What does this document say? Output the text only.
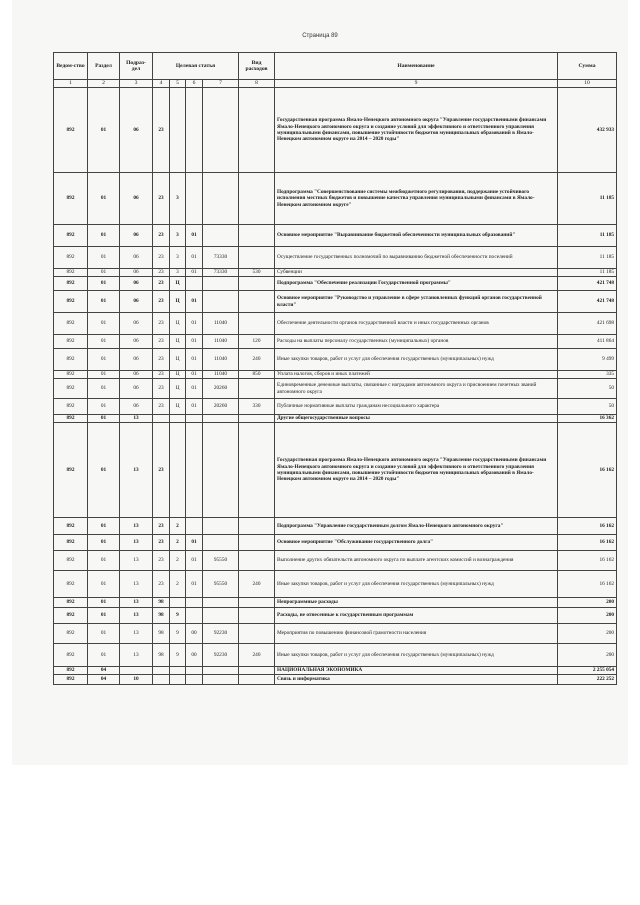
Страница 89
Ведом-ство	Раздел	Подраз-дел	Целевая статья				Вид расходов	Наименование	Сумма
1	2	3	4	5	6	7	8	9	10
892	01	06	23					Государственная программа Ямало-Ненецкого автономного округа "Управление государственными финансами Ямало-Ненецкого автономного округа и создание условий для эффективного и ответственного управления муниципальными финансами, повышение устойчивости бюджетов муниципальных образований в Ямало-Ненецком автономном округе на 2014 – 2020 годы"	432 933
892	01	06	23	3				Подпрограмма "Совершенствование системы межбюджетного регулирования, поддержание устойчивого исполнения местных бюджетов и повышение качества управления муниципальными финансами в Ямало-Ненецком автономном округе"	11 185
892	01	06	23	3	01			Основное мероприятие "Выравнивание бюджетной обеспеченности муниципальных образований"	11 185
892	01	06	23	3	01	73330		Осуществление государственных полномочий по выравниванию бюджетной обеспеченности поселений	11 185
892	01	06	23	3	01	73330	530	Субвенции	11 185
892	01	06	23	Ц				Подпрограмма "Обеспечение реализации Государственной программы"	421 748
892	01	06	23	Ц	01			Основное мероприятие "Руководство и управление в сфере установленных функций органов государственной власти"	421 748
892	01	06	23	Ц	01	11040		Обеспечение деятельности органов государственной власти и иных государственных органов	421 698
892	01	06	23	Ц	01	11040	120	Расходы на выплаты персоналу государственных (муниципальных) органов	411 864
892	01	06	23	Ц	01	11040	240	Иные закупки товаров, работ и услуг для обеспечения государственных (муниципальных) нужд	9 499
892	01	06	23	Ц	01	11040	850	Уплата налогов, сборов и иных платежей	335
892	01	06	23	Ц	01	20260		Единовременные денежные выплаты, связанные с наградами автономного округа и присвоением почетных званий автономного округа	50
892	01	06	23	Ц	01	20260	330	Публичные нормативные выплаты гражданам несоциального характера	50
892	01	13						Другие общегосударственные вопросы	16 362
892	01	13	23					Государственная программа Ямало-Ненецкого автономного округа "Управление государственными финансами Ямало-Ненецкого автономного округа и создание условий для эффективного и ответственного управления муниципальными финансами, повышение устойчивости бюджетов муниципальных образований в Ямало-Ненецком автономном округе на 2014 – 2020 годы"	16 162
892	01	13	23	2				Подпрограмма "Управление государственным долгом Ямало-Ненецкого автономного округа"	16 162
892	01	13	23	2	01			Основное мероприятие "Обслуживание государственного долга"	16 162
892	01	13	23	2	01	95550		Выполнение других обязательств автономного округа по выплате агентских комиссий и вознаграждения	16 162
892	01	13	23	2	01	95550	240	Иные закупки товаров, работ и услуг для обеспечения государственных (муниципальных) нужд	16 162
892	01	13	98					Непрограммные расходы	200
892	01	13	98	9				Расходы, не отнесенные к государственным программам	200
892	01	13	98	9	00	92230		Мероприятия по повышению финансовой грамотности населения	200
892	01	13	98	9	00	92230	240	Иные закупки товаров, работ и услуг для обеспечения государственных (муниципальных) нужд	200
892	04							НАЦИОНАЛЬНАЯ ЭКОНОМИКА	2 255 054
892	04	10						Связь и информатика	222 252
